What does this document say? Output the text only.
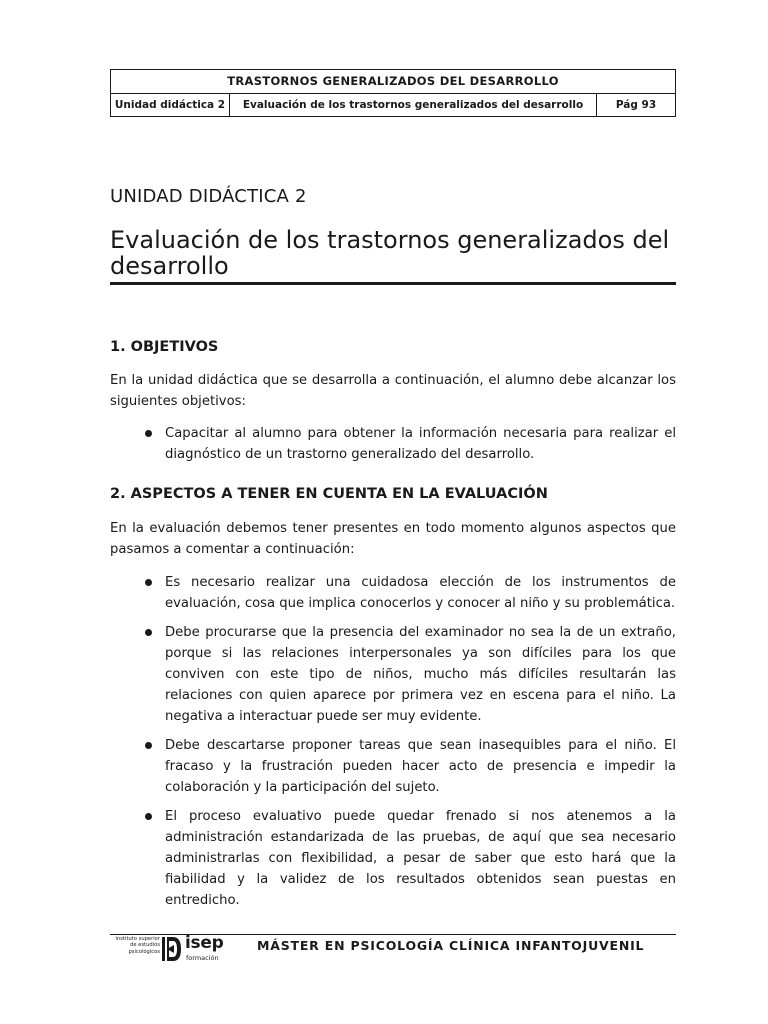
TRASTORNOS GENERALIZADOS DEL DESARROLLO
Unidad didáctica 2	Evaluación de los trastornos generalizados del desarrollo	Pág 93
UNIDAD DIDÁCTICA 2
Evaluación de los trastornos generalizados del desarrollo
1. OBJETIVOS

En la unidad didáctica que se desarrolla a continuación, el alumno debe alcanzar los siguientes objetivos:

Capacitar al alumno para obtener la información necesaria para realizar el diagnóstico de un trastorno generalizado del desarrollo.
2. ASPECTOS A TENER EN CUENTA EN LA EVALUACIÓN

En la evaluación debemos tener presentes en todo momento algunos aspectos que pasamos a comentar a continuación:

Es necesario realizar una cuidadosa elección de los instrumentos de evaluación, cosa que implica conocerlos y conocer al niño y su problemática.
Debe procurarse que la presencia del examinador no sea la de un extraño, porque si las relaciones interpersonales ya son difíciles para los que conviven con este tipo de niños, mucho más difíciles resultarán las relaciones con quien aparece por primera vez en escena para el niño. La negativa a interactuar puede ser muy evidente.
Debe descartarse proponer tareas que sean inasequibles para el niño. El fracaso y la frustración pueden hacer acto de presencia e impedir la colaboración y la participación del sujeto.
El proceso evaluativo puede quedar frenado si nos atenemos a la administración estandarizada de las pruebas, de aquí que sea necesario administrarlas con flexibilidad, a pesar de saber que esto hará que la fiabilidad y la validez de los resultados obtenidos sean puestas en entredicho.
instituto superior
de estudios
psicológicos isep
formación
MÁSTER EN PSICOLOGÍA CLÍNICA INFANTOJUVENIL
